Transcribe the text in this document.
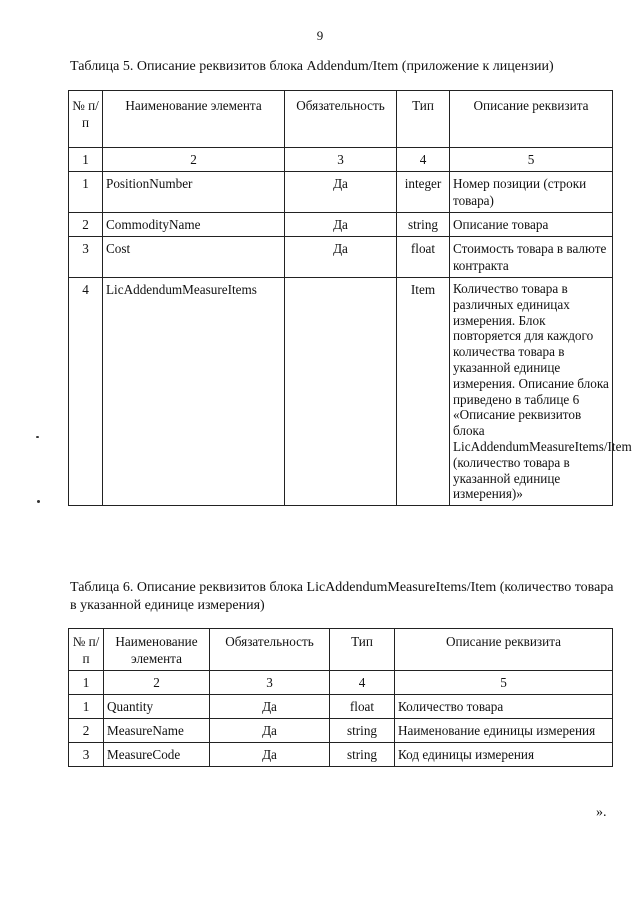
9
Таблица 5. Описание реквизитов блока Addendum/Item (приложение к лицензии)
№ п/п	Наименование элемента	Обязательность	Тип	Описание реквизита
1	2	3	4	5
1	PositionNumber	Да	integer	Номер позиции (строки товара)
2	CommodityName	Да	string	Описание товара
3	Cost	Да	float	Стоимость товара в валюте контракта
4	LicAddendumMeasureItems		Item	Количество товара в различных единицах измерения. Блок повторяется для каждого количества товара в указанной единице измерения. Описание блока приведено в таблице 6 «Описание реквизитов блока LicAddendumMeasureItems/Item (количество товара в указанной единице измерения)»
Таблица 6. Описание реквизитов блока LicAddendumMeasureItems/Item (количество товара в указанной единице измерения)
№ п/п	Наименование элемента	Обязательность	Тип	Описание реквизита
1	2	3	4	5
1	Quantity	Да	float	Количество товара
2	MeasureName	Да	string	Наименование единицы измерения
3	MeasureCode	Да	string	Код единицы измерения
».
